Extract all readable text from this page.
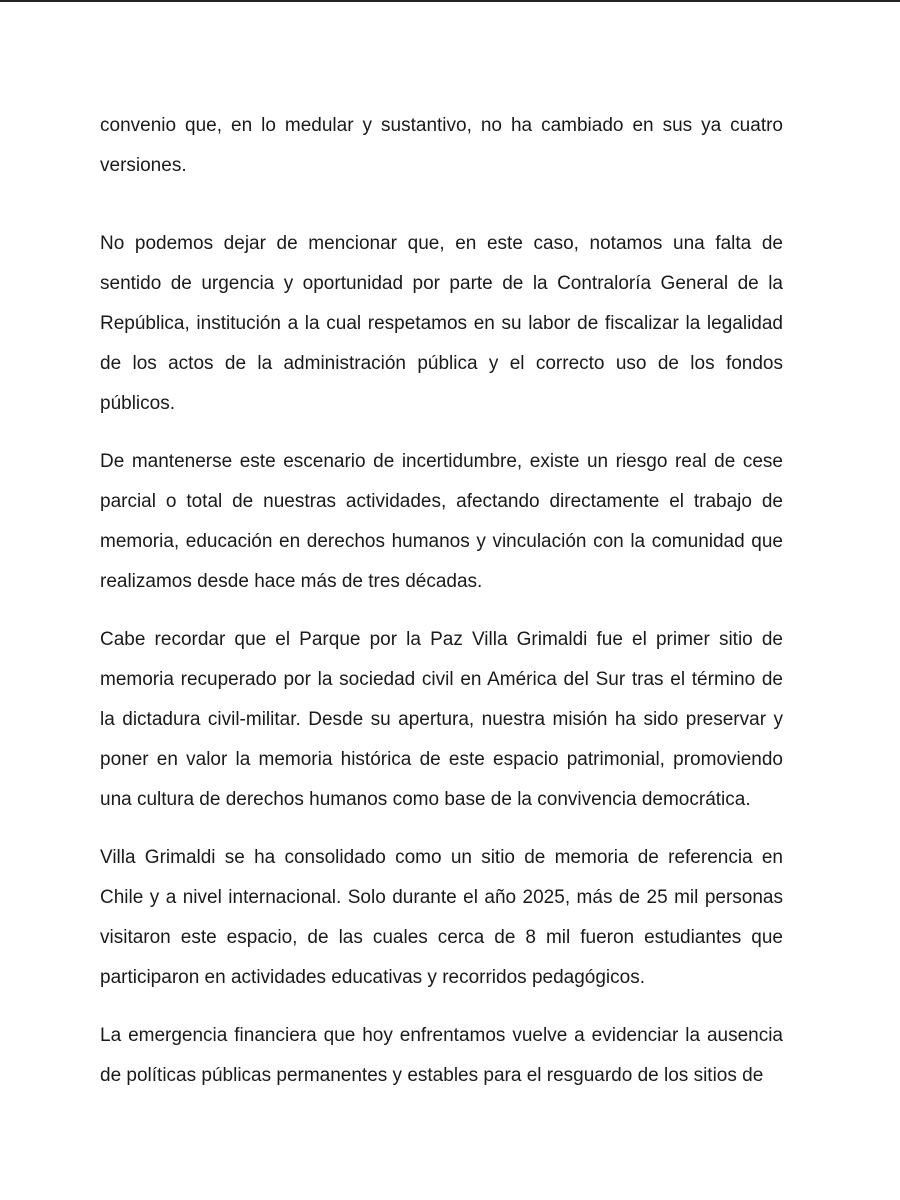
convenio que, en lo medular y sustantivo, no ha cambiado en sus ya cuatro versiones.

No podemos dejar de mencionar que, en este caso, notamos una falta de sentido de urgencia y oportunidad por parte de la Contraloría General de la República, institución a la cual respetamos en su labor de fiscalizar la legalidad de los actos de la administración pública y el correcto uso de los fondos públicos.

De mantenerse este escenario de incertidumbre, existe un riesgo real de cese parcial o total de nuestras actividades, afectando directamente el trabajo de memoria, educación en derechos humanos y vinculación con la comunidad que realizamos desde hace más de tres décadas.

Cabe recordar que el Parque por la Paz Villa Grimaldi fue el primer sitio de memoria recuperado por la sociedad civil en América del Sur tras el término de la dictadura civil-militar. Desde su apertura, nuestra misión ha sido preservar y poner en valor la memoria histórica de este espacio patrimonial, promoviendo una cultura de derechos humanos como base de la convivencia democrática.

Villa Grimaldi se ha consolidado como un sitio de memoria de referencia en Chile y a nivel internacional. Solo durante el año 2025, más de 25 mil personas visitaron este espacio, de las cuales cerca de 8 mil fueron estudiantes que participaron en actividades educativas y recorridos pedagógicos.

La emergencia financiera que hoy enfrentamos vuelve a evidenciar la ausencia de políticas públicas permanentes y estables para el resguardo de los sitios de
